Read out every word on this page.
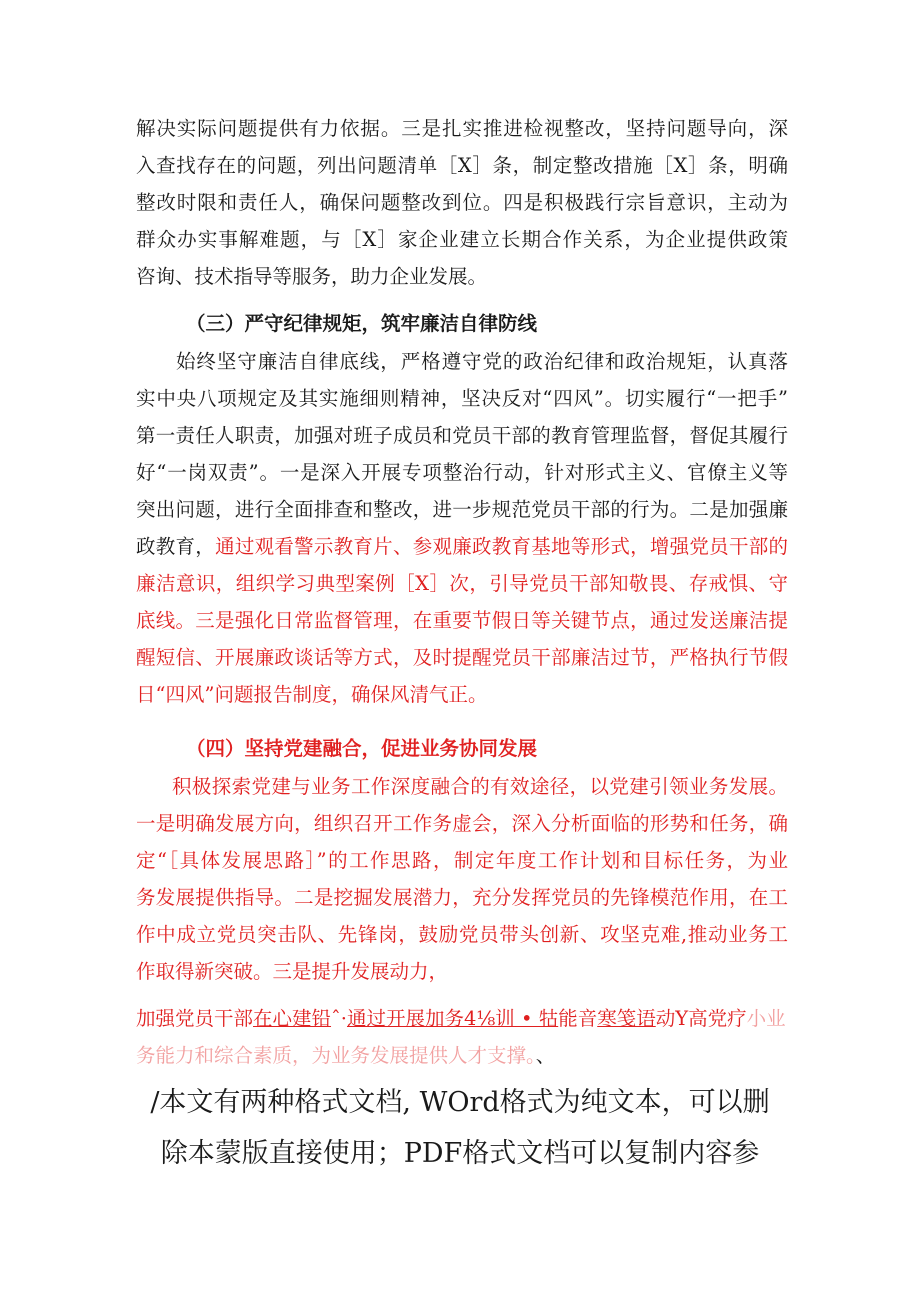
解决实际问题提供有力依据。三是扎实推进检视整改，坚持问题导向，深
入查找存在的问题，列出问题清单［X］条，制定整改措施［X］条，明确
整改时限和责任人，确保问题整改到位。四是积极践行宗旨意识，主动为
群众办实事解难题，与［X］家企业建立长期合作关系，为企业提供政策
咨询、技术指导等服务，助力企业发展。
（三）严守纪律规矩，筑牢廉洁自律防线
始终坚守廉洁自律底线，严格遵守党的政治纪律和政治规矩，认真落
实中央八项规定及其实施细则精神，坚决反对“四风”。切实履行“一把手”
第一责任人职责，加强对班子成员和党员干部的教育管理监督，督促其履行
好“一岗双责”。一是深入开展专项整治行动，针对形式主义、官僚主义等
突出问题，进行全面排查和整改，进一步规范党员干部的行为。二是加强廉
政教育，通过观看警示教育片、参观廉政教育基地等形式，增强党员干部的
廉洁意识，组织学习典型案例［X］次，引导党员干部知敬畏、存戒惧、守
底线。三是强化日常监督管理，在重要节假日等关键节点，通过发送廉洁提
醒短信、开展廉政谈话等方式，及时提醒党员干部廉洁过节，严格执行节假
日“四风”问题报告制度，确保风清气正。
（四）坚持党建融合，促进业务协同发展
积极探索党建与业务工作深度融合的有效途径，以党建引领业务发展。
一是明确发展方向，组织召开工作务虚会，深入分析面临的形势和任务，确
定“［具体发展思路］”的工作思路，制定年度工作计划和目标任务，为业
务发展提供指导。二是挖掘发展潜力，充分发挥党员的先锋模范作用，在工
作中成立党员突击队、先锋岗，鼓励党员带头创新、攻坚克难,推动业务工
作取得新突破。三是提升发展动力，
加强党员干部在心建铅ˆ·通过开展加务4⅛训 • 牯能音寒笺语动Y高党疗小业
务能力和综合素质，为业务发展提供人才支撑。、
/本文有两种格式文档, WOrd格式为纯文本，可以删
除本蒙版直接使用；PDF格式文档可以复制内容参
